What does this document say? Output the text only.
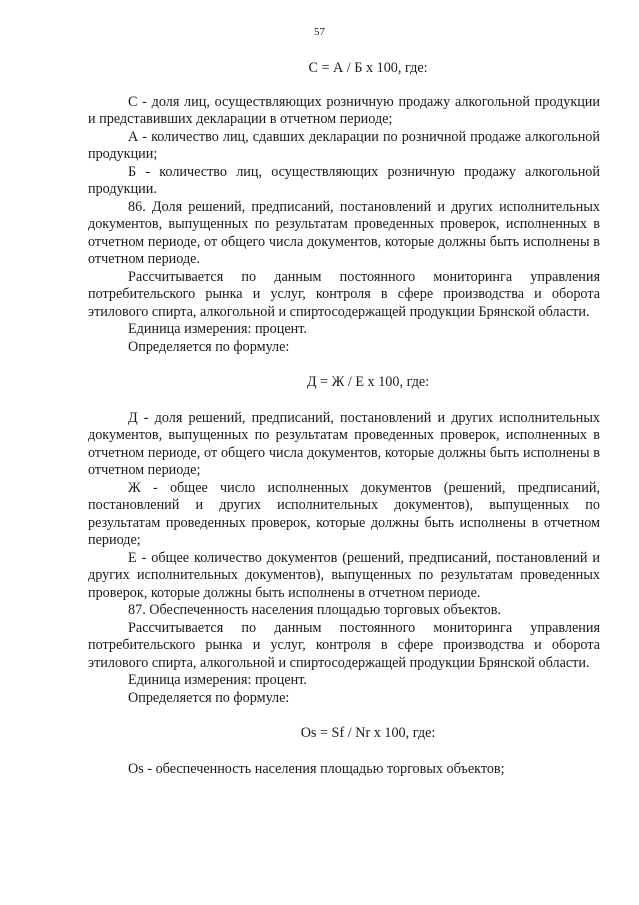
57

С = А / Б х 100, где:

С - доля лиц, осуществляющих розничную продажу алкогольной продукции и представивших декларации в отчетном периоде;

А - количество лиц, сдавших декларации по розничной продаже алкогольной продукции;

Б - количество лиц, осуществляющих розничную продажу алкогольной продукции.

86. Доля решений, предписаний, постановлений и других исполнительных документов, выпущенных по результатам проведенных проверок, исполненных в отчетном периоде, от общего числа документов, которые должны быть исполнены в отчетном периоде.

Рассчитывается по данным постоянного мониторинга управления потребительского рынка и услуг, контроля в сфере производства и оборота этилового спирта, алкогольной и спиртосодержащей продукции Брянской области.

Единица измерения: процент.

Определяется по формуле:

Д = Ж / Е х 100, где:

Д - доля решений, предписаний, постановлений и других исполнительных документов, выпущенных по результатам проведенных проверок, исполненных в отчетном периоде, от общего числа документов, которые должны быть исполнены в отчетном периоде;

Ж - общее число исполненных документов (решений, предписаний, постановлений и других исполнительных документов), выпущенных по результатам проведенных проверок, которые должны быть исполнены в отчетном периоде;

Е - общее количество документов (решений, предписаний, постановлений и других исполнительных документов), выпущенных по результатам проведенных проверок, которые должны быть исполнены в отчетном периоде.

87. Обеспеченность населения площадью торговых объектов.

Рассчитывается по данным постоянного мониторинга управления потребительского рынка и услуг, контроля в сфере производства и оборота этилового спирта, алкогольной и спиртосодержащей продукции Брянской области.

Единица измерения: процент.

Определяется по формуле:

Os = Sf / Nr х 100, где:

Os - обеспеченность населения площадью торговых объектов;
